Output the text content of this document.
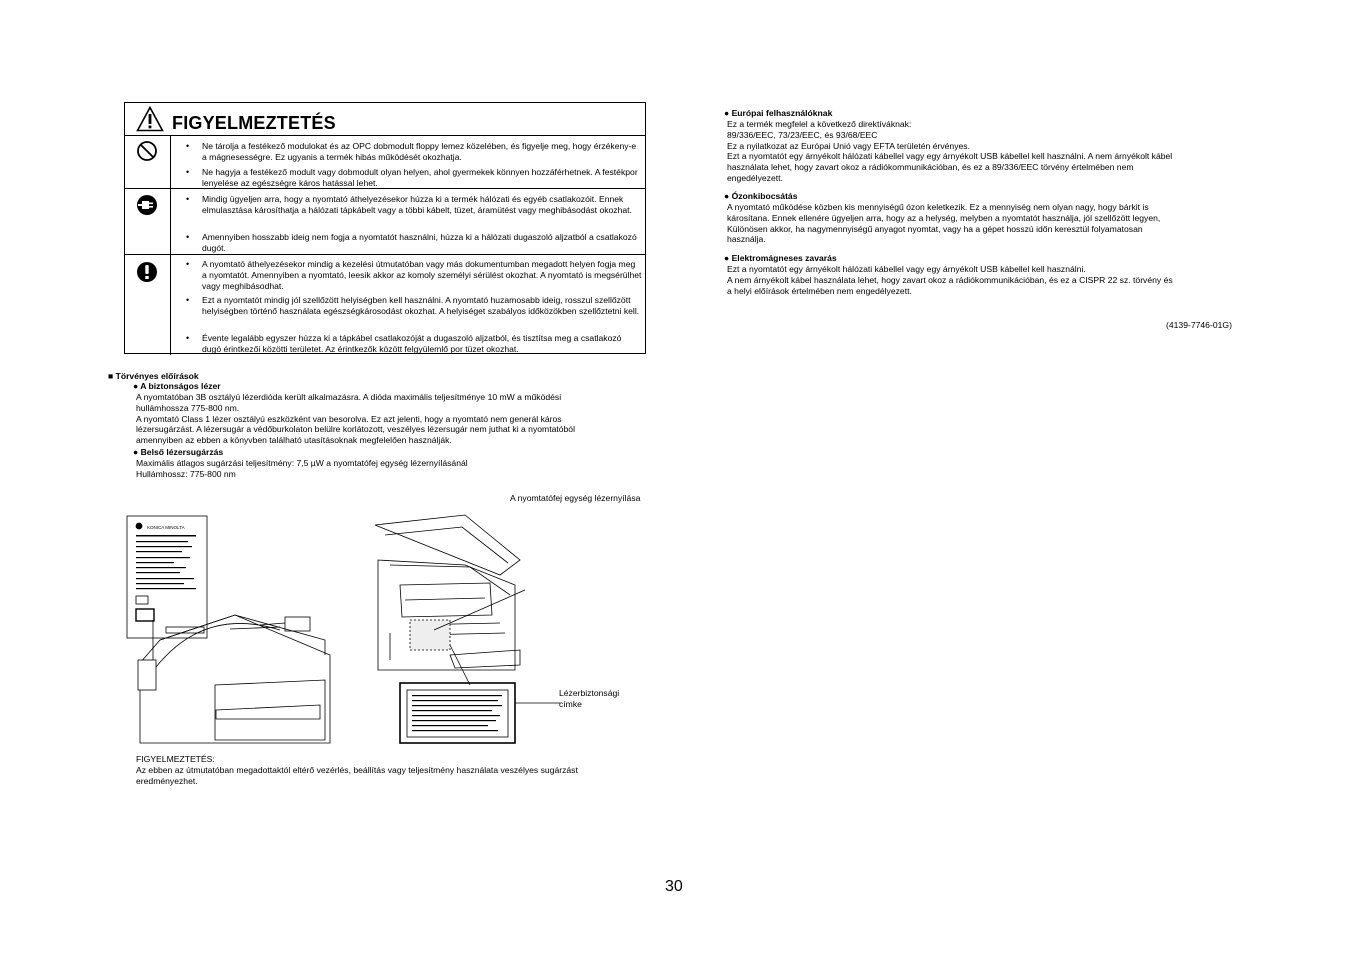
FIGYELMEZTETÉS
• Ne tárolja a festékező modulokat és az OPC dobmodult floppy lemez közelében, és figyelje meg, hogy érzékeny-e a mágnesességre. Ez ugyanis a termék hibás működését okozhatja.
• Ne hagyja a festékező modult vagy dobmodult olyan helyen, ahol gyermekek könnyen hozzáférhetnek. A festékpor lenyelése az egészségre káros hatással lehet.
• Mindig ügyeljen arra, hogy a nyomtató áthelyezésekor húzza ki a termék hálózati és egyéb csatlakozóit. Ennek elmulasztása károsíthatja a hálózati tápkábelt vagy a többi kábelt, tüzet, áramütést vagy meghibásodást okozhat.
• Amennyiben hosszabb ideig nem fogja a nyomtatót használni, húzza ki a hálózati dugaszoló aljzatból a csatlakozó dugót.
• A nyomtató áthelyezésekor mindig a kezelési útmutatóban vagy más dokumentumban megadott helyen fogja meg a nyomtatót. Amennyiben a nyomtató, leesik akkor az komoly személyi sérülést okozhat. A nyomtató is megsérülhet vagy meghibásodhat.
• Ezt a nyomtatót mindig jól szellőzött helyiségben kell használni. A nyomtató huzamosabb ideig, rosszul szellőzött helyiségben történő használata egészségkárosodást okozhat. A helyiséget szabályos időközökben szellőztetni kell.
• Évente legalább egyszer húzza ki a tápkábel csatlakozóját a dugaszoló aljzatból, és tisztítsa meg a csatlakozó dugó érintkezői közötti területet. Az érintkezők között felgyülemlő por tüzet okozhat.
■ Törvényes előírások
● A biztonságos lézer
A nyomtatóban 3B osztályú lézerdióda került alkalmazásra. A dióda maximális teljesítménye 10 mW a működési
hullámhossza 775-800 nm.
A nyomtató Class 1 lézer osztályú eszközként van besorolva. Ez azt jelenti, hogy a nyomtató nem generál káros
lézersugárzást. A lézersugár a védőburkolaton belülre korlátozott, veszélyes lézersugár nem juthat ki a nyomtatóból
amennyiben az ebben a könyvben található utasításoknak megfelelően használják.
● Belső lézersugárzás
Maximális átlagos sugárzási teljesítmény: 7,5 µW a nyomtatófej egység lézernyílásánál
Hullámhossz: 775-800 nm
A nyomtatófej egység lézernyílása
KONICA MINOLTA
Lézerbiztonsági
címke
FIGYELMEZTETÉS:
Az ebben az útmutatóban megadottaktól eltérő vezérlés, beállítás vagy teljesítmény használata veszélyes sugárzást
eredményezhet.
● Európai felhasználóknak
Ez a termék megfelel a következő direktíváknak:
89/336/EEC, 73/23/EEC, és 93/68/EEC
Ez a nyilatkozat az Európai Unió vagy EFTA területén érvényes.
Ezt a nyomtatót egy árnyékolt hálózati kábellel vagy egy árnyékolt USB kábellel kell használni. A nem árnyékolt kábel
használata lehet, hogy zavart okoz a rádiókommunikációban, és ez a 89/336/EEC törvény értelmében nem
engedélyezett.
● Ózonkibocsátás
A nyomtató működése közben kis mennyiségű ózon keletkezik. Ez a mennyiség nem olyan nagy, hogy bárkit is
károsítana. Ennek ellenére ügyeljen arra, hogy az a helység, melyben a nyomtatót használja, jól szellőzött legyen,
Különösen akkor, ha nagymennyiségű anyagot nyomtat, vagy ha a gépet hosszú időn keresztül folyamatosan
használja.
● Elektromágneses zavarás
Ezt a nyomtatót egy árnyékolt hálózati kábellel vagy egy árnyékolt USB kábellel kell használni.
A nem árnyékolt kábel használata lehet, hogy zavart okoz a rádiókommunikációban, és ez a CISPR 22 sz. törvény és
a helyi előírások értelmében nem engedélyezett.
(4139-7746-01G)
30
